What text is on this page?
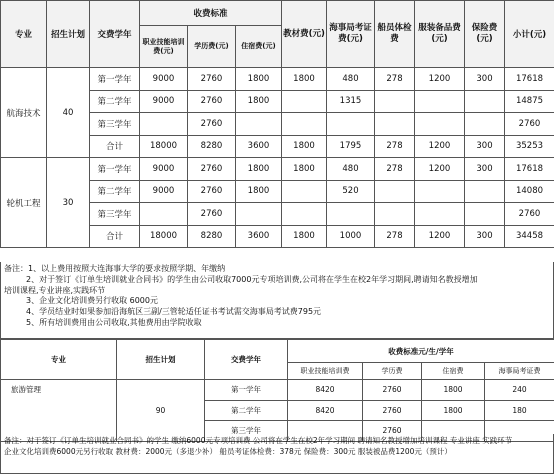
专业	招生计划	交费学年	收费标准			教材费(元)	海事局考证费(元)	船员体检费	服装备品费(元)	保险费(元)	小计(元)
			职业技能培训费(元)	学历费(元)	住宿费(元)						
航海技术	40	第一学年	9000	2760	1800	1800	480	278	1200	300	17618
		第二学年	9000	2760	1800		1315				14875
		第三学年		2760							2760
		合计	18000	8280	3600	1800	1795	278	1200	300	35253
轮机工程	30	第一学年	9000	2760	1800	1800	480	278	1200	300	17618
		第二学年	9000	2760	1800		520				14080
		第三学年		2760							2760
		合计	18000	8280	3600	1800	1000	278	1200	300	34458
备注：1、以上费用按照大连海事大学的要求按照学期、年缴纳
2、对于签订《订单生培训就业合同书》的学生由公司收取7000元专项培训费,公司将在学生在校2年学习期间,聘请知名教授增加
培训课程,专业讲座,实践环节
3、企业文化培训费另行收取 6000元
4、学员结业时如果参加沿海航区三副/三管轮适任证书考试需交海事局考试费795元
5、所有培训费用由公司收取,其他费用由学院收取
专业	招生计划	交费学年	收费标准元/生/学年			
			职业技能培训费	学历费	住宿费	海事局考证费
旅游管理	90	第一学年	8420	2760	1800	240
		第二学年	8420	2760	1800	180
		第三学年		2760		
备注：对于签订《订单生培训就业合同书》的学生 缴纳6000元专项培训费 公司将在学生在校2年学习期间 聘请知名教授增加培训课程 专业讲座 实践环节
企业文化培训费6000元另行收取 教材费：2000元（多退少补） 船员考证体检费：378元 保险费：300元 服装被品费1200元（预计）
